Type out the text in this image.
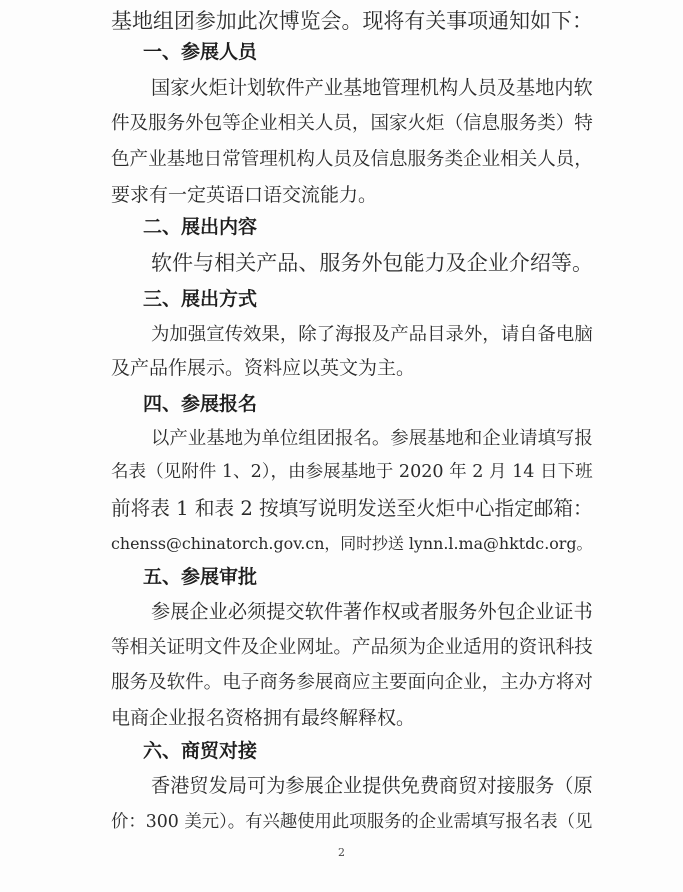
基地组团参加此次博览会。现将有关事项通知如下：
一、参展人员
国家火炬计划软件产业基地管理机构人员及基地内软
件及服务外包等企业相关人员，国家火炬（信息服务类）特
色产业基地日常管理机构人员及信息服务类企业相关人员，
要求有一定英语口语交流能力。
二、展出内容
软件与相关产品、服务外包能力及企业介绍等。
三、展出方式
为加强宣传效果，除了海报及产品目录外，请自备电脑
及产品作展示。资料应以英文为主。
四、参展报名
以产业基地为单位组团报名。参展基地和企业请填写报
名表（见附件 1、2），由参展基地于 2020 年 2 月 14 日下班
前将表 1 和表 2 按填写说明发送至火炬中心指定邮箱：
chenss@chinatorch.gov.cn，同时抄送 lynn.l.ma@hktdc.org。
五、参展审批
参展企业必须提交软件著作权或者服务外包企业证书
等相关证明文件及企业网址。产品须为企业适用的资讯科技
服务及软件。电子商务参展商应主要面向企业，主办方将对
电商企业报名资格拥有最终解释权。
六、商贸对接
香港贸发局可为参展企业提供免费商贸对接服务（原
价：300 美元）。有兴趣使用此项服务的企业需填写报名表（见
2
